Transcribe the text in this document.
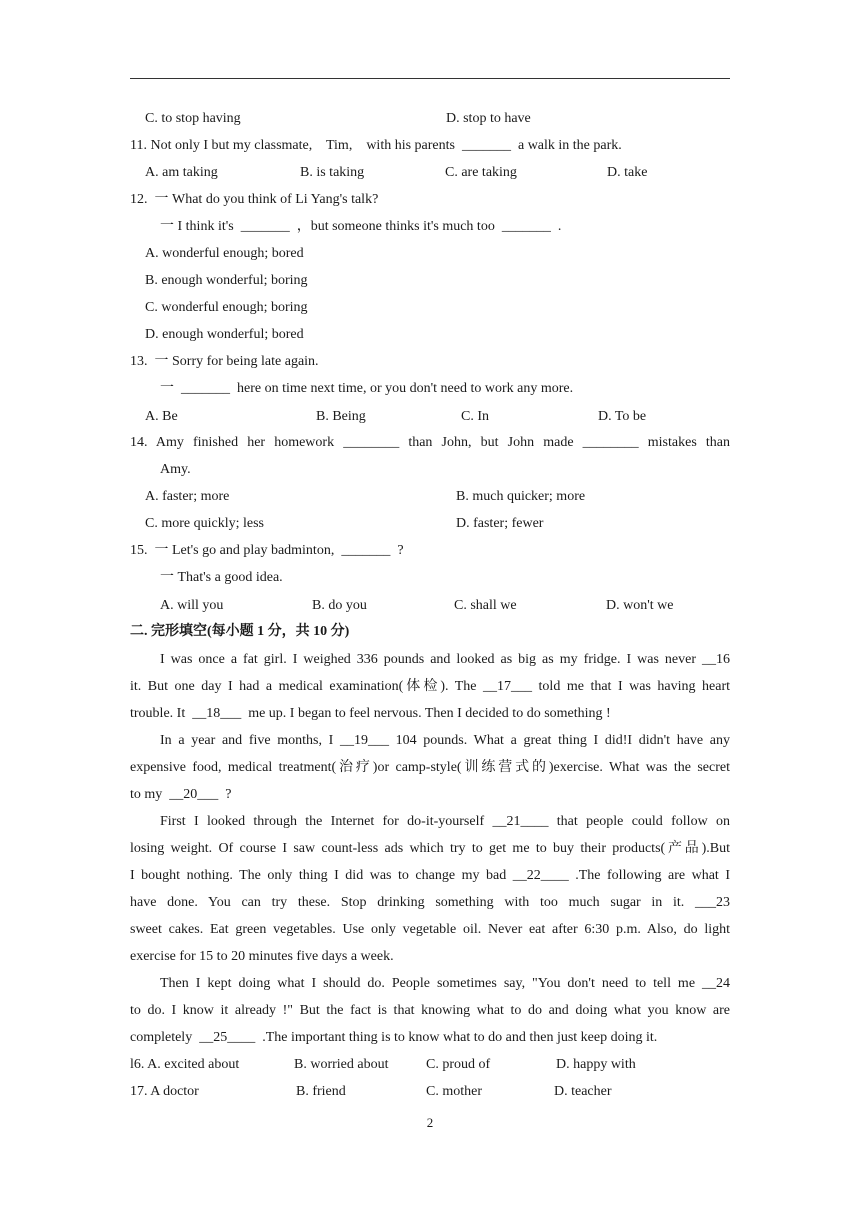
C. to stop having	D. stop to have
11. Not only I but my classmate,    Tim,    with his parents  _______  a walk in the park.
A. am taking	B. is taking	C. are taking	D. take
12.  一 What do you think of Li Yang's talk?
一 I think it's  _______  ，but someone thinks it's much too  _______  .
A. wonderful enough; bored
B. enough wonderful; boring
C. wonderful enough; boring
D. enough wonderful; bored
13.  一 Sorry for being late again.
一  _______  here on time next time, or you don't need to work any more.
A. Be	B. Being	C. In	D. To be
14. Amy finished her homework ________ than John, but John made ________ mistakes than
Amy.
A. faster; more	B. much quicker; more
C. more quickly; less	D. faster; fewer
15.  一 Let's go and play badminton,  _______  ?
一 That's a good idea.
A. will you	B. do you	C. shall we	D. won't we
二. 完形填空(每小题 1 分，共 10 分)
I was once a fat girl. I weighed 336 pounds and looked as big as my fridge. I was never __16
it. But one day I had a medical examination(体检). The __17___ told me that I was having heart
trouble. It  __18___  me up. I began to feel nervous. Then I decided to do something !
In a year and five months, I __19___ 104 pounds. What a great thing I did!I didn't have any
expensive food, medical treatment(治疗)or camp-style(训练营式的)exercise. What was the secret
to my  __20___  ?
First I looked through the Internet for do-it-yourself __21____ that people could follow on
losing weight. Of course I saw count-less ads which try to get me to buy their products(产品).But
I bought nothing. The only thing I did was to change my bad __22____ .The following are what I
have done. You can try these. Stop drinking something with too much sugar in it. ___23
sweet cakes. Eat green vegetables. Use only vegetable oil. Never eat after 6:30 p.m. Also, do light
exercise for 15 to 20 minutes five days a week.
Then I kept doing what I should do. People sometimes say, "You don't need to tell me __24
to do. I know it already !" But the fact is that knowing what to do and doing what you know are
completely  __25____  .The important thing is to know what to do and then just keep doing it.
l6. A. excited about	B. worried about	C. proud of	D. happy with
17. A doctor	B. friend	C. mother	D. teacher
2
